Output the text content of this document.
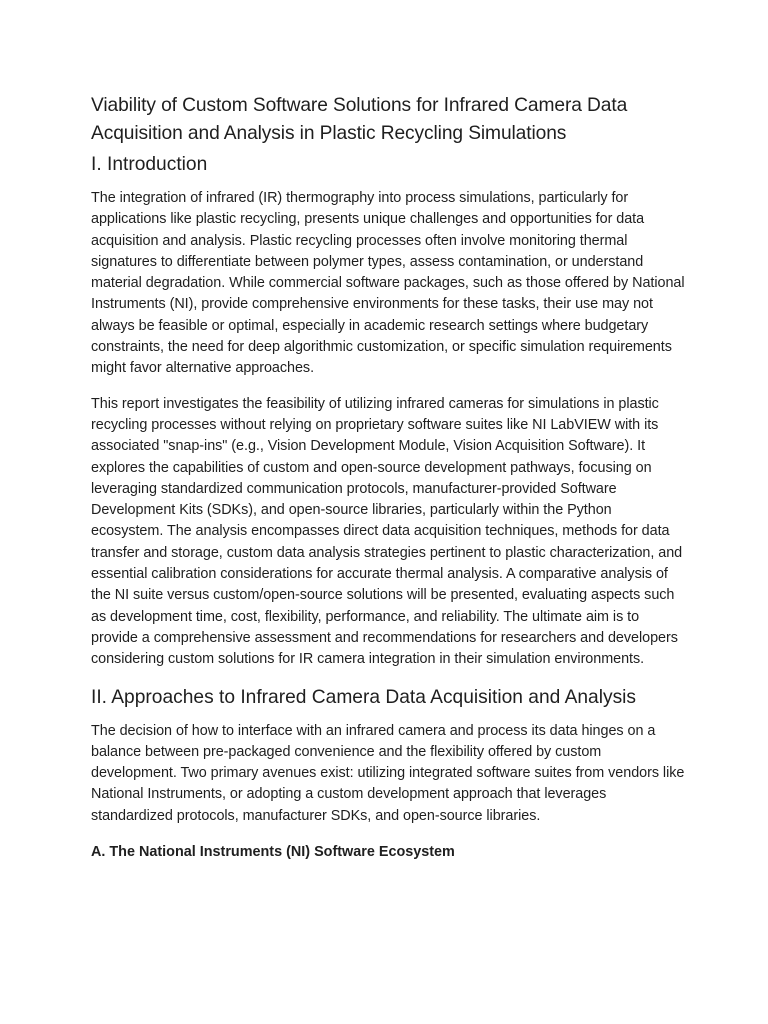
Viability of Custom Software Solutions for Infrared Camera Data Acquisition and Analysis in Plastic Recycling Simulations
I. Introduction

The integration of infrared (IR) thermography into process simulations, particularly for applications like plastic recycling, presents unique challenges and opportunities for data acquisition and analysis. Plastic recycling processes often involve monitoring thermal signatures to differentiate between polymer types, assess contamination, or understand material degradation. While commercial software packages, such as those offered by National Instruments (NI), provide comprehensive environments for these tasks, their use may not always be feasible or optimal, especially in academic research settings where budgetary constraints, the need for deep algorithmic customization, or specific simulation requirements might favor alternative approaches.

This report investigates the feasibility of utilizing infrared cameras for simulations in plastic recycling processes without relying on proprietary software suites like NI LabVIEW with its associated "snap-ins" (e.g., Vision Development Module, Vision Acquisition Software). It explores the capabilities of custom and open-source development pathways, focusing on leveraging standardized communication protocols, manufacturer-provided Software Development Kits (SDKs), and open-source libraries, particularly within the Python ecosystem. The analysis encompasses direct data acquisition techniques, methods for data transfer and storage, custom data analysis strategies pertinent to plastic characterization, and essential calibration considerations for accurate thermal analysis. A comparative analysis of the NI suite versus custom/open-source solutions will be presented, evaluating aspects such as development time, cost, flexibility, performance, and reliability. The ultimate aim is to provide a comprehensive assessment and recommendations for researchers and developers considering custom solutions for IR camera integration in their simulation environments.

II. Approaches to Infrared Camera Data Acquisition and Analysis

The decision of how to interface with an infrared camera and process its data hinges on a balance between pre-packaged convenience and the flexibility offered by custom development. Two primary avenues exist: utilizing integrated software suites from vendors like National Instruments, or adopting a custom development approach that leverages standardized protocols, manufacturer SDKs, and open-source libraries.

A. The National Instruments (NI) Software Ecosystem
